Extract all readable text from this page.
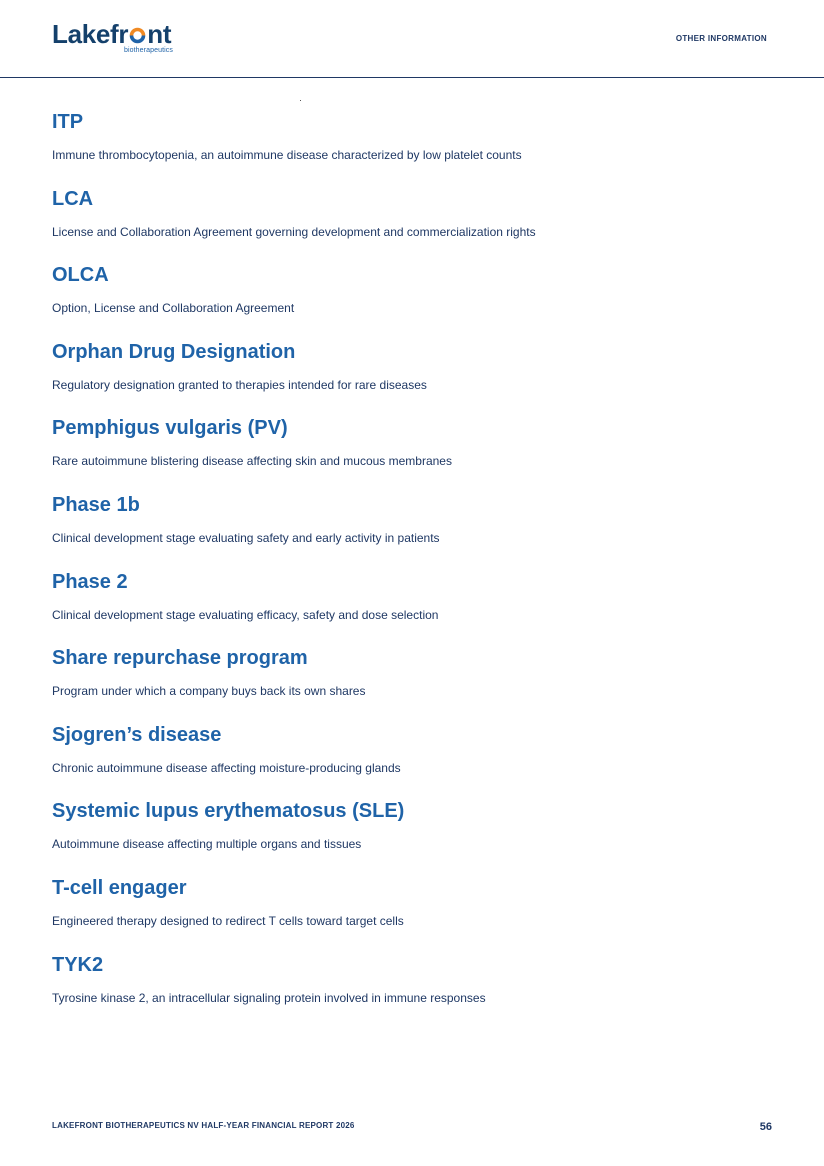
Lakefr nt
biotherapeutics
OTHER INFORMATION
ITP
Immune thrombocytopenia, an autoimmune disease characterized by low platelet counts
LCA
License and Collaboration Agreement governing development and commercialization rights
OLCA
Option, License and Collaboration Agreement
Orphan Drug Designation
Regulatory designation granted to therapies intended for rare diseases
Pemphigus vulgaris (PV)
Rare autoimmune blistering disease affecting skin and mucous membranes
Phase 1b
Clinical development stage evaluating safety and early activity in patients
Phase 2
Clinical development stage evaluating efficacy, safety and dose selection
Share repurchase program
Program under which a company buys back its own shares
Sjogren’s disease
Chronic autoimmune disease affecting moisture-producing glands
Systemic lupus erythematosus (SLE)
Autoimmune disease affecting multiple organs and tissues
T-cell engager
Engineered therapy designed to redirect T cells toward target cells
TYK2
Tyrosine kinase 2, an intracellular signaling protein involved in immune responses
LAKEFRONT BIOTHERAPEUTICS NV HALF-YEAR FINANCIAL REPORT 2026	56
